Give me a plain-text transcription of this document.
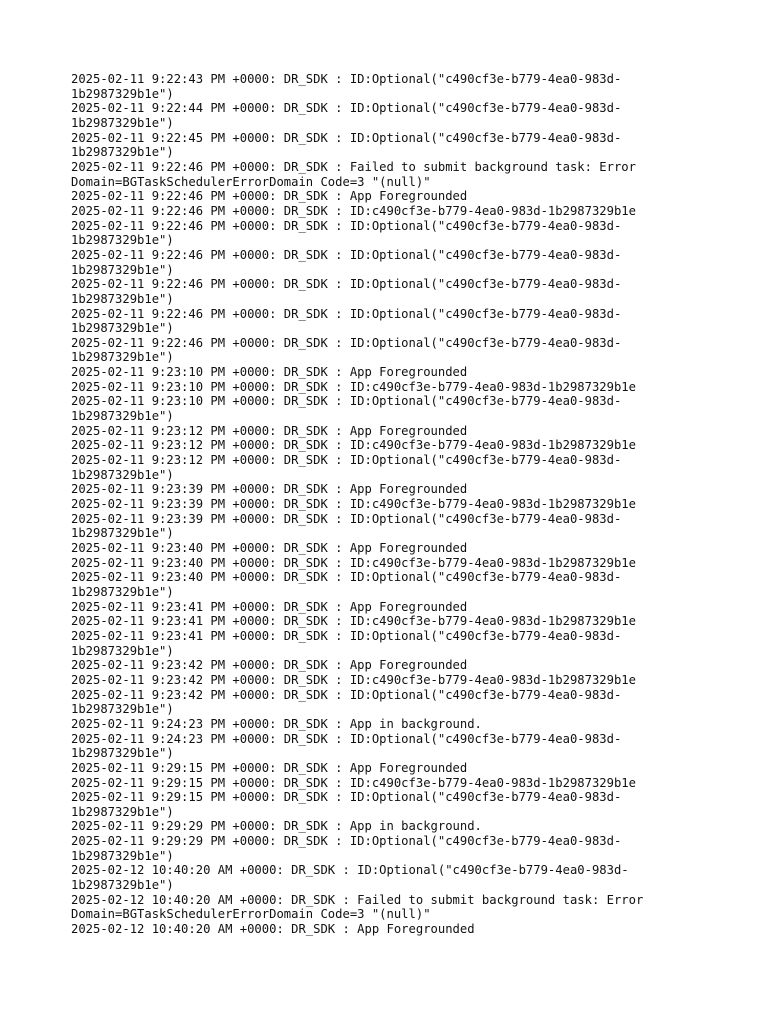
2025-02-11 9:22:43 PM +0000: DR_SDK : ID:Optional("c490cf3e-b779-4ea0-983d-
1b2987329b1e")
2025-02-11 9:22:44 PM +0000: DR_SDK : ID:Optional("c490cf3e-b779-4ea0-983d-
1b2987329b1e")
2025-02-11 9:22:45 PM +0000: DR_SDK : ID:Optional("c490cf3e-b779-4ea0-983d-
1b2987329b1e")
2025-02-11 9:22:46 PM +0000: DR_SDK : Failed to submit background task: Error
Domain=BGTaskSchedulerErrorDomain Code=3 "(null)"
2025-02-11 9:22:46 PM +0000: DR_SDK : App Foregrounded
2025-02-11 9:22:46 PM +0000: DR_SDK : ID:c490cf3e-b779-4ea0-983d-1b2987329b1e
2025-02-11 9:22:46 PM +0000: DR_SDK : ID:Optional("c490cf3e-b779-4ea0-983d-
1b2987329b1e")
2025-02-11 9:22:46 PM +0000: DR_SDK : ID:Optional("c490cf3e-b779-4ea0-983d-
1b2987329b1e")
2025-02-11 9:22:46 PM +0000: DR_SDK : ID:Optional("c490cf3e-b779-4ea0-983d-
1b2987329b1e")
2025-02-11 9:22:46 PM +0000: DR_SDK : ID:Optional("c490cf3e-b779-4ea0-983d-
1b2987329b1e")
2025-02-11 9:22:46 PM +0000: DR_SDK : ID:Optional("c490cf3e-b779-4ea0-983d-
1b2987329b1e")
2025-02-11 9:23:10 PM +0000: DR_SDK : App Foregrounded
2025-02-11 9:23:10 PM +0000: DR_SDK : ID:c490cf3e-b779-4ea0-983d-1b2987329b1e
2025-02-11 9:23:10 PM +0000: DR_SDK : ID:Optional("c490cf3e-b779-4ea0-983d-
1b2987329b1e")
2025-02-11 9:23:12 PM +0000: DR_SDK : App Foregrounded
2025-02-11 9:23:12 PM +0000: DR_SDK : ID:c490cf3e-b779-4ea0-983d-1b2987329b1e
2025-02-11 9:23:12 PM +0000: DR_SDK : ID:Optional("c490cf3e-b779-4ea0-983d-
1b2987329b1e")
2025-02-11 9:23:39 PM +0000: DR_SDK : App Foregrounded
2025-02-11 9:23:39 PM +0000: DR_SDK : ID:c490cf3e-b779-4ea0-983d-1b2987329b1e
2025-02-11 9:23:39 PM +0000: DR_SDK : ID:Optional("c490cf3e-b779-4ea0-983d-
1b2987329b1e")
2025-02-11 9:23:40 PM +0000: DR_SDK : App Foregrounded
2025-02-11 9:23:40 PM +0000: DR_SDK : ID:c490cf3e-b779-4ea0-983d-1b2987329b1e
2025-02-11 9:23:40 PM +0000: DR_SDK : ID:Optional("c490cf3e-b779-4ea0-983d-
1b2987329b1e")
2025-02-11 9:23:41 PM +0000: DR_SDK : App Foregrounded
2025-02-11 9:23:41 PM +0000: DR_SDK : ID:c490cf3e-b779-4ea0-983d-1b2987329b1e
2025-02-11 9:23:41 PM +0000: DR_SDK : ID:Optional("c490cf3e-b779-4ea0-983d-
1b2987329b1e")
2025-02-11 9:23:42 PM +0000: DR_SDK : App Foregrounded
2025-02-11 9:23:42 PM +0000: DR_SDK : ID:c490cf3e-b779-4ea0-983d-1b2987329b1e
2025-02-11 9:23:42 PM +0000: DR_SDK : ID:Optional("c490cf3e-b779-4ea0-983d-
1b2987329b1e")
2025-02-11 9:24:23 PM +0000: DR_SDK : App in background.
2025-02-11 9:24:23 PM +0000: DR_SDK : ID:Optional("c490cf3e-b779-4ea0-983d-
1b2987329b1e")
2025-02-11 9:29:15 PM +0000: DR_SDK : App Foregrounded
2025-02-11 9:29:15 PM +0000: DR_SDK : ID:c490cf3e-b779-4ea0-983d-1b2987329b1e
2025-02-11 9:29:15 PM +0000: DR_SDK : ID:Optional("c490cf3e-b779-4ea0-983d-
1b2987329b1e")
2025-02-11 9:29:29 PM +0000: DR_SDK : App in background.
2025-02-11 9:29:29 PM +0000: DR_SDK : ID:Optional("c490cf3e-b779-4ea0-983d-
1b2987329b1e")
2025-02-12 10:40:20 AM +0000: DR_SDK : ID:Optional("c490cf3e-b779-4ea0-983d-
1b2987329b1e")
2025-02-12 10:40:20 AM +0000: DR_SDK : Failed to submit background task: Error
Domain=BGTaskSchedulerErrorDomain Code=3 "(null)"
2025-02-12 10:40:20 AM +0000: DR_SDK : App Foregrounded
